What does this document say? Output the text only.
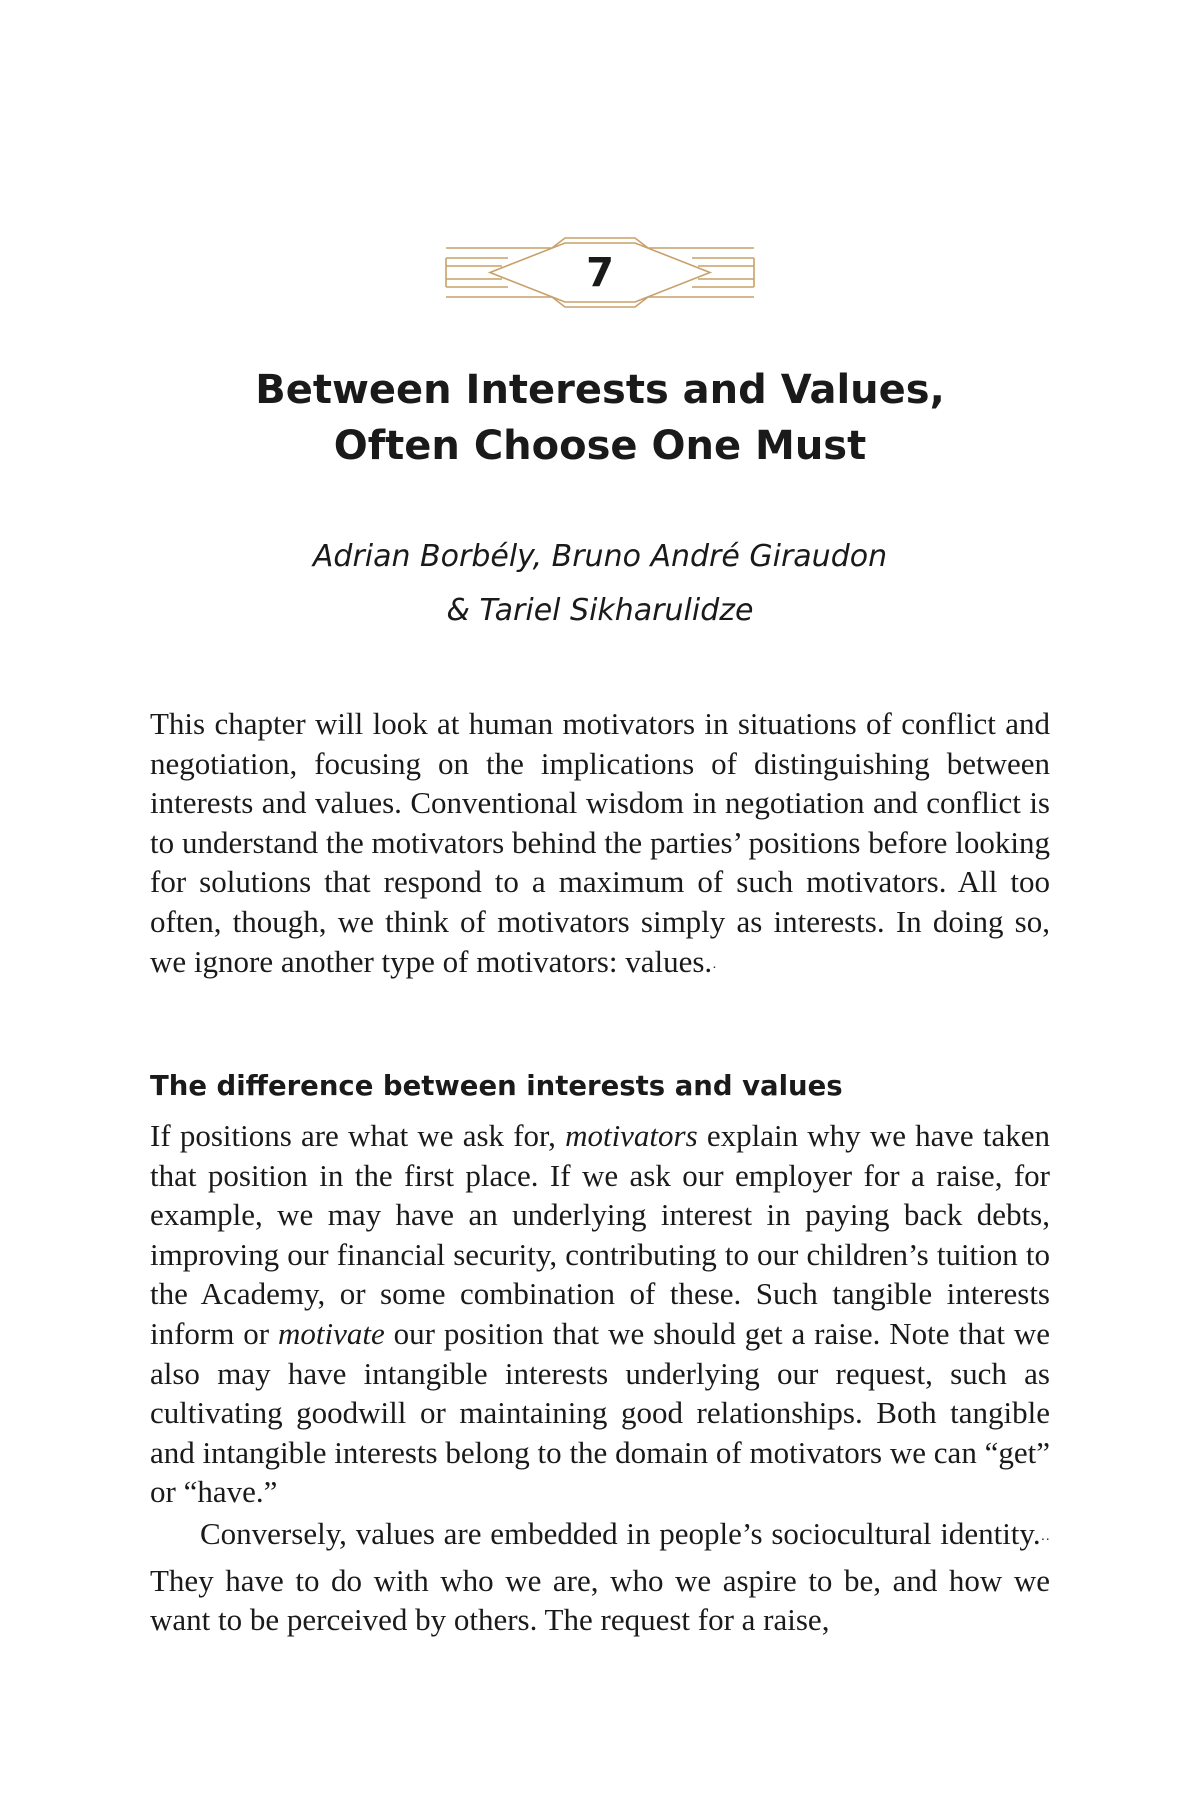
7
Between Interests and Values,
Often Choose One Must
Adrian Borbély, Bruno André Giraudon
& Tariel Sikharulidze

This chapter will look at human motivators in situations of conflict and negotiation, focusing on the implications of distinguishing between interests and values. Conventional wisdom in negotiation and conflict is to understand the motivators behind the parties’ positions before looking for solutions that respond to a maximum of such motivators. All too often, though, we think of motivators simply as interests. In doing so, we ignore another type of motivators: values.·

The difference between interests and values

If positions are what we ask for, motivators explain why we have taken that position in the first place. If we ask our employer for a raise, for example, we may have an underlying interest in paying back debts, improving our financial security, contributing to our children’s tuition to the Academy, or some combination of these. Such tangible interests inform or motivate our position that we should get a raise. Note that we also may have intangible interests underlying our request, such as cultivating goodwill or maintaining good relationships. Both tangible and intangible interests belong to the domain of motivators we can “get” or “have.”

Conversely, values are embedded in people’s sociocultural identity.·· They have to do with who we are, who we aspire to be, and how we want to be perceived by others. The request for a raise,
